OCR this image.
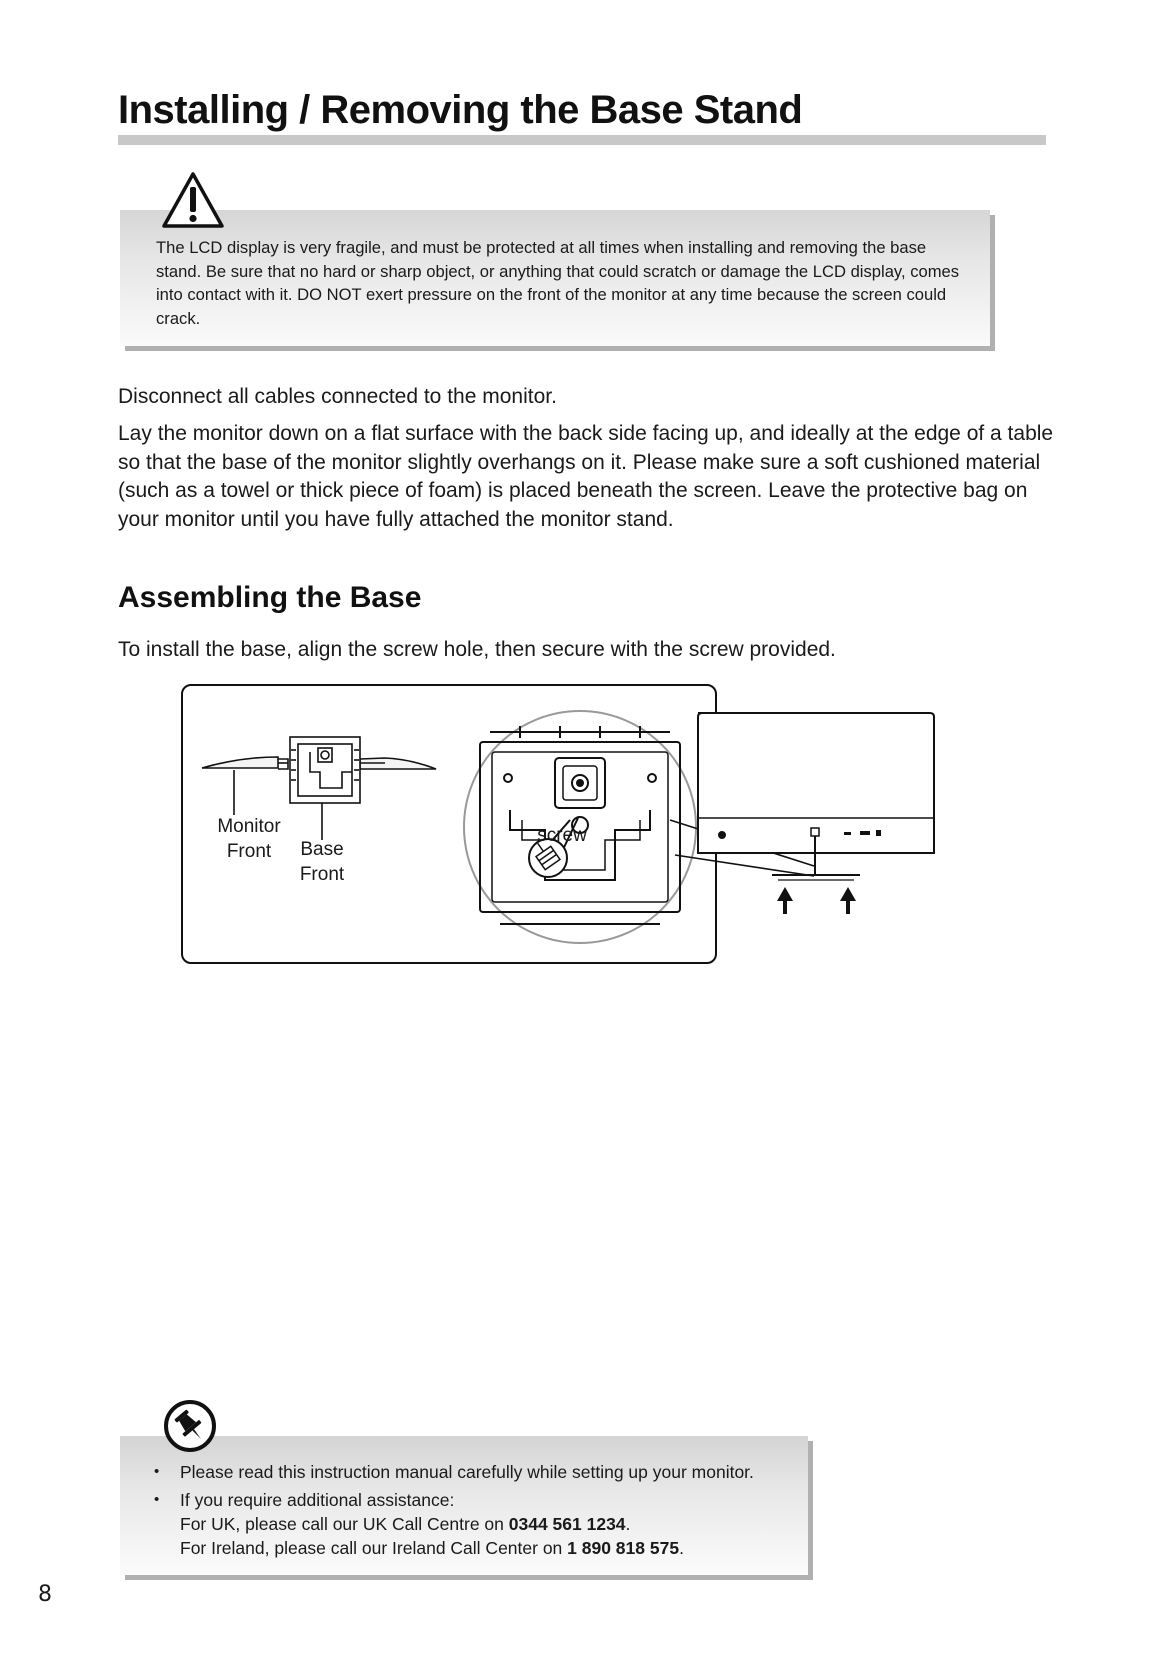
Installing / Removing the Base Stand

The LCD display is very fragile, and must be protected at all times when installing and removing the base stand. Be sure that no hard or sharp object, or anything that could scratch or damage the LCD display, comes into contact with it. DO NOT exert pressure on the front of the monitor at any time because the screen could crack.

Disconnect all cables connected to the monitor.

Lay the monitor down on a flat surface with the back side facing up, and ideally at the edge of a table so that the base of the monitor slightly overhangs on it. Please make sure a soft cushioned material (such as a towel or thick piece of foam) is placed beneath the screen. Leave the protective bag on your monitor until you have fully attached the monitor stand.

Assembling the Base

To install the base, align the screw hole, then secure with the screw provided.

Monitor
Front Base
Front
screw
• Please read this instruction manual carefully while setting up your monitor.
• If you require additional assistance:
For UK, please call our UK Call Centre on 0344 561 1234.
For Ireland, please call our Ireland Call Center on 1 890 818 575.

8
